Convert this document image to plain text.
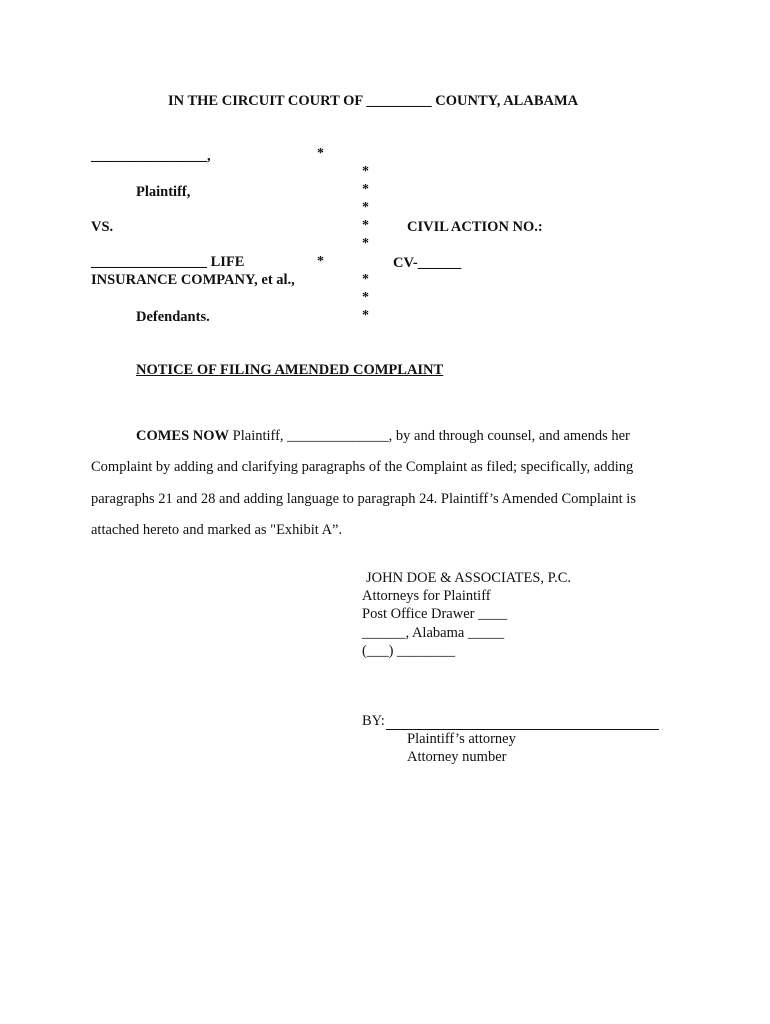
IN THE CIRCUIT COURT OF _________ COUNTY, ALABAMA
________________,
Plaintiff,
VS.
________________ LIFE
INSURANCE COMPANY, et al.,
Defendants.
*
*
*
*
*
*
*
*
*
*
CIVIL ACTION NO.:
CV-______
NOTICE OF FILING AMENDED COMPLAINT
COMES NOW Plaintiff, ______________, by and through counsel, and amends her
Complaint by adding and clarifying paragraphs of the Complaint as filed; specifically, adding
paragraphs 21 and 28 and adding language to paragraph 24. Plaintiff’s Amended Complaint is
attached hereto and marked as "Exhibit A”.
JOHN DOE & ASSOCIATES, P.C.
Attorneys for Plaintiff
Post Office Drawer ____
______, Alabama _____
(___) ________
BY:
Plaintiff’s attorney
Attorney number
